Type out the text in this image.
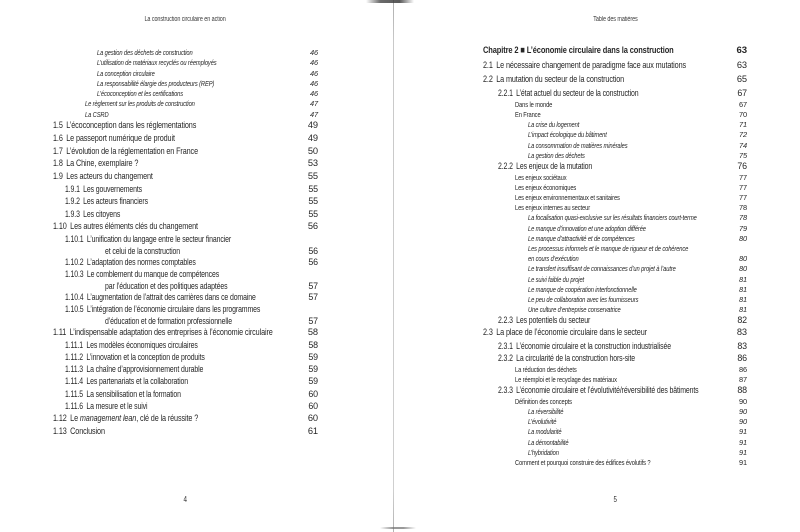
La construction circulaire en action
La gestion des déchets de construction	46
L’utilisation de matériaux recyclés ou réemployés	46
La conception circulaire	46
La responsabilité élargie des producteurs (REP)	46
L’écoconception et les certifications	46
Le règlement sur les produits de construction	47
La CSRD	47
1.5 L’écoconception dans les réglementations	49
1.6 Le passeport numérique de produit	49
1.7 L’évolution de la réglementation en France	50
1.8 La Chine, exemplaire ?	53
1.9 Les acteurs du changement	55
1.9.1 Les gouvernements	55
1.9.2 Les acteurs financiers	55
1.9.3 Les citoyens	55
1.10 Les autres éléments clés du changement	56
1.10.1 L’unification du langage entre le secteur financier
et celui de la construction	56
1.10.2 L’adaptation des normes comptables	56
1.10.3 Le comblement du manque de compétences
par l’éducation et des politiques adaptées	57
1.10.4 L’augmentation de l’attrait des carrières dans ce domaine	57
1.10.5 L’intégration de l’économie circulaire dans les programmes
d’éducation et de formation professionnelle	57
1.11 L’indispensable adaptation des entreprises à l’économie circulaire	58
1.11.1 Les modèles économiques circulaires	58
1.11.2 L’innovation et la conception de produits	59
1.11.3 La chaîne d’approvisionnement durable	59
1.11.4 Les partenariats et la collaboration	59
1.11.5 La sensibilisation et la formation	60
1.11.6 La mesure et le suivi	60
1.12 Le management lean, clé de la réussite ?	60
1.13 Conclusion	61
4
Table des matières
Chapitre 2 ■ L’économie circulaire dans la construction	63
2.1 Le nécessaire changement de paradigme face aux mutations	63
2.2 La mutation du secteur de la construction	65
2.2.1 L’état actuel du secteur de la construction	67
Dans le monde	67
En France	70
La crise du logement	71
L’impact écologique du bâtiment	72
La consommation de matières minérales	74
La gestion des déchets	75
2.2.2 Les enjeux de la mutation	76
Les enjeux sociétaux	77
Les enjeux économiques	77
Les enjeux environnementaux et sanitaires	77
Les enjeux internes au secteur	78
La focalisation quasi-exclusive sur les résultats financiers court-terme	78
Le manque d’innovation et une adoption différée	79
Le manque d’attractivité et de compétences	80
Les processus informels et le manque de rigueur et de cohérence
en cours d’exécution	80
Le transfert insuffisant de connaissances d’un projet à l’autre	80
Le suivi faible du projet	81
Le manque de coopération interfonctionnelle	81
Le peu de collaboration avec les fournisseurs	81
Une culture d’entreprise conservatrice	81
2.2.3 Les potentiels du secteur	82
2.3 La place de l’économie circulaire dans le secteur	83
2.3.1 L’économie circulaire et la construction industrialisée	83
2.3.2 La circularité de la construction hors-site	86
La réduction des déchets	86
Le réemploi et le recyclage des matériaux	87
2.3.3 L’économie circulaire et l’évolutivité/réversibilité des bâtiments	88
Définition des concepts	90
La réversibilité	90
L’évolutivité	90
La modularité	91
La démontabilité	91
L’hybridation	91
Comment et pourquoi construire des édifices évolutifs ?	91
5
